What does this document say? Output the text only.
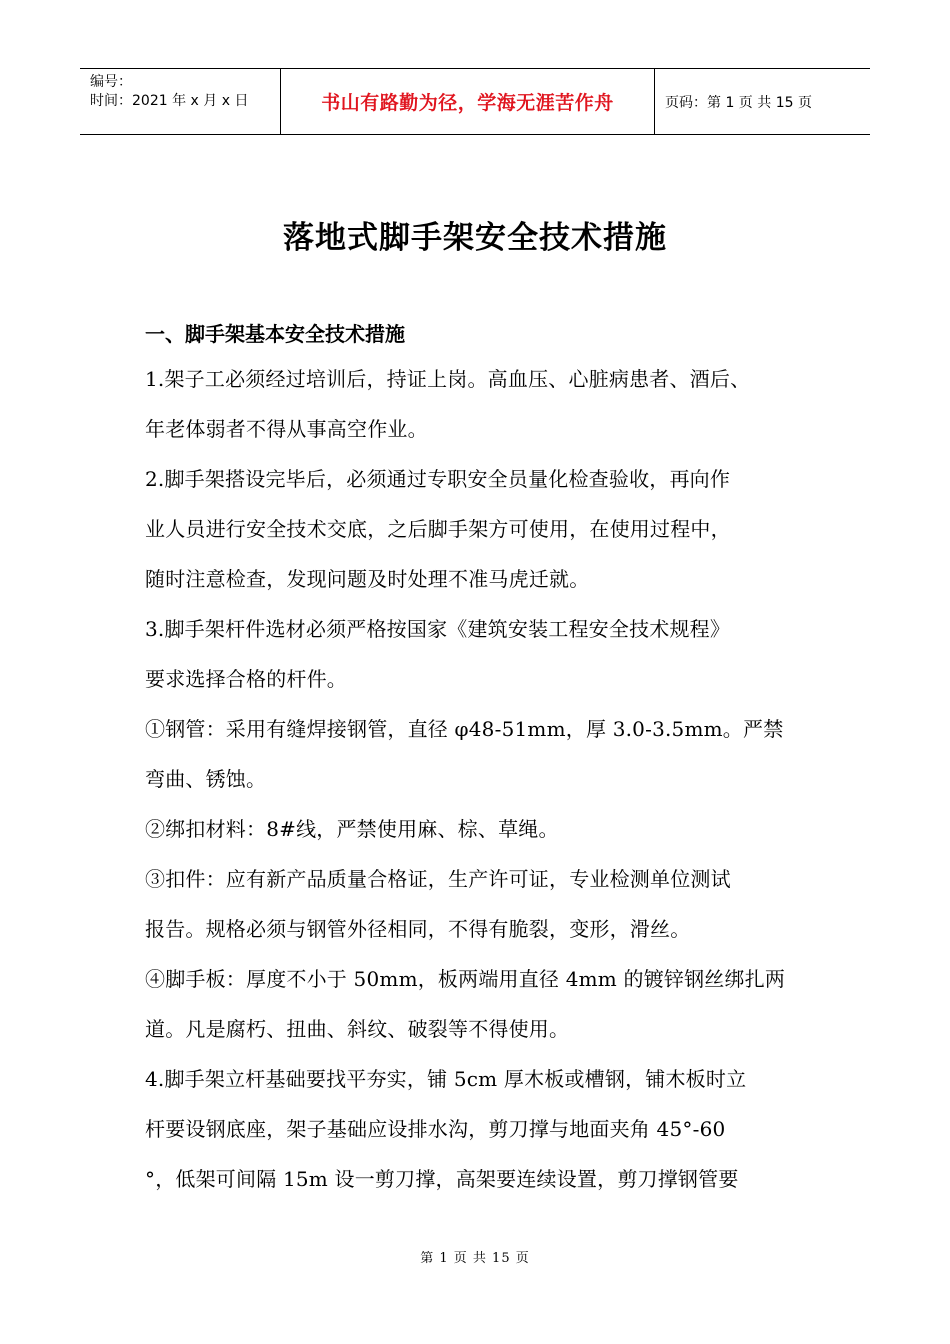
编号：
时间：2021 年 x 月 x 日	书山有路勤为径，学海无涯苦作舟	页码：第 1 页 共 15 页
落地式脚手架安全技术措施
一、脚手架基本安全技术措施

1.架子工必须经过培训后，持证上岗。高血压、心脏病患者、酒后、

年老体弱者不得从事高空作业。

2.脚手架搭设完毕后，必须通过专职安全员量化检查验收，再向作

业人员进行安全技术交底，之后脚手架方可使用，在使用过程中，

随时注意检查，发现问题及时处理不准马虎迁就。

3.脚手架杆件选材必须严格按国家《建筑安装工程安全技术规程》

要求选择合格的杆件。

①钢管：采用有缝焊接钢管，直径 φ48-51mm，厚 3.0-3.5mm。严禁

弯曲、锈蚀。

②绑扣材料：8#线，严禁使用麻、棕、草绳。

③扣件：应有新产品质量合格证，生产许可证，专业检测单位测试

报告。规格必须与钢管外径相同，不得有脆裂，变形，滑丝。

④脚手板：厚度不小于 50mm，板两端用直径 4mm 的镀锌钢丝绑扎两

道。凡是腐朽、扭曲、斜纹、破裂等不得使用。

4.脚手架立杆基础要找平夯实，铺 5cm 厚木板或槽钢，铺木板时立

杆要设钢底座，架子基础应设排水沟，剪刀撑与地面夹角 45°-60

°，低架可间隔 15m 设一剪刀撑，高架要连续设置，剪刀撑钢管要

第 1 页 共 15 页
